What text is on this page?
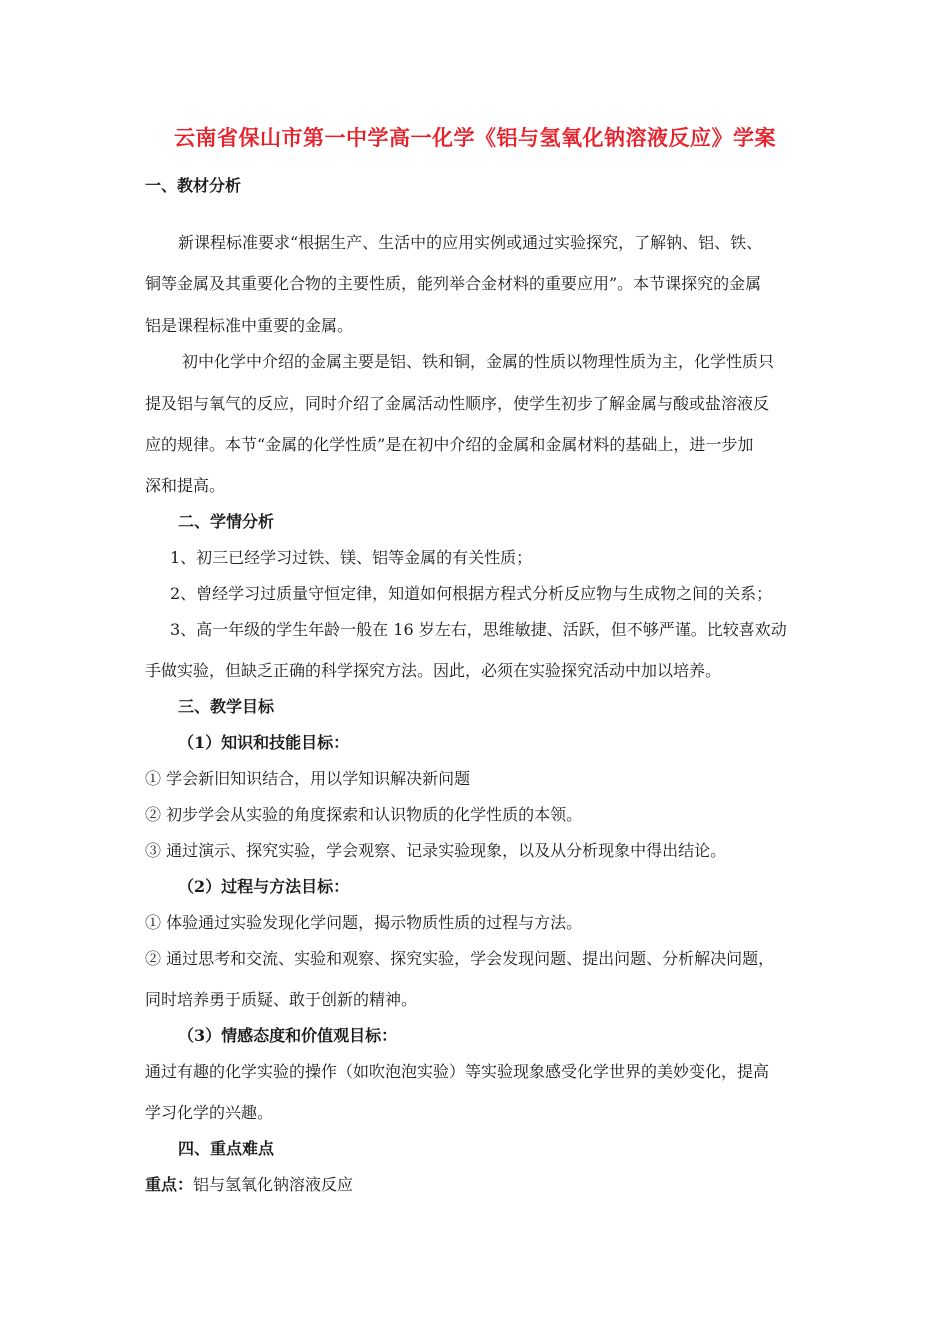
云南省保山市第一中学高一化学《铝与氢氧化钠溶液反应》学案
一、教材分析
新课程标准要求“根据生产、生活中的应用实例或通过实验探究，了解钠、铝、铁、
铜等金属及其重要化合物的主要性质，能列举合金材料的重要应用”。本节课探究的金属
铝是课程标准中重要的金属。
初中化学中介绍的金属主要是铝、铁和铜，金属的性质以物理性质为主，化学性质只
提及铝与氧气的反应，同时介绍了金属活动性顺序，使学生初步了解金属与酸或盐溶液反
应的规律。本节“金属的化学性质”是在初中介绍的金属和金属材料的基础上，进一步加
深和提高。
二、学情分析
1、初三已经学习过铁、镁、铝等金属的有关性质；
2、曾经学习过质量守恒定律，知道如何根据方程式分析反应物与生成物之间的关系；
3、高一年级的学生年龄一般在 16 岁左右，思维敏捷、活跃，但不够严谨。比较喜欢动
手做实验，但缺乏正确的科学探究方法。因此，必须在实验探究活动中加以培养。
三、教学目标
（1）知识和技能目标：
① 学会新旧知识结合，用以学知识解决新问题
② 初步学会从实验的角度探索和认识物质的化学性质的本领。
③ 通过演示、探究实验，学会观察、记录实验现象，以及从分析现象中得出结论。
（2）过程与方法目标：
① 体验通过实验发现化学问题，揭示物质性质的过程与方法。
② 通过思考和交流、实验和观察、探究实验，学会发现问题、提出问题、分析解决问题，
同时培养勇于质疑、敢于创新的精神。
（3）情感态度和价值观目标：
通过有趣的化学实验的操作（如吹泡泡实验）等实验现象感受化学世界的美妙变化，提高
学习化学的兴趣。
四、重点难点
重点：铝与氢氧化钠溶液反应
